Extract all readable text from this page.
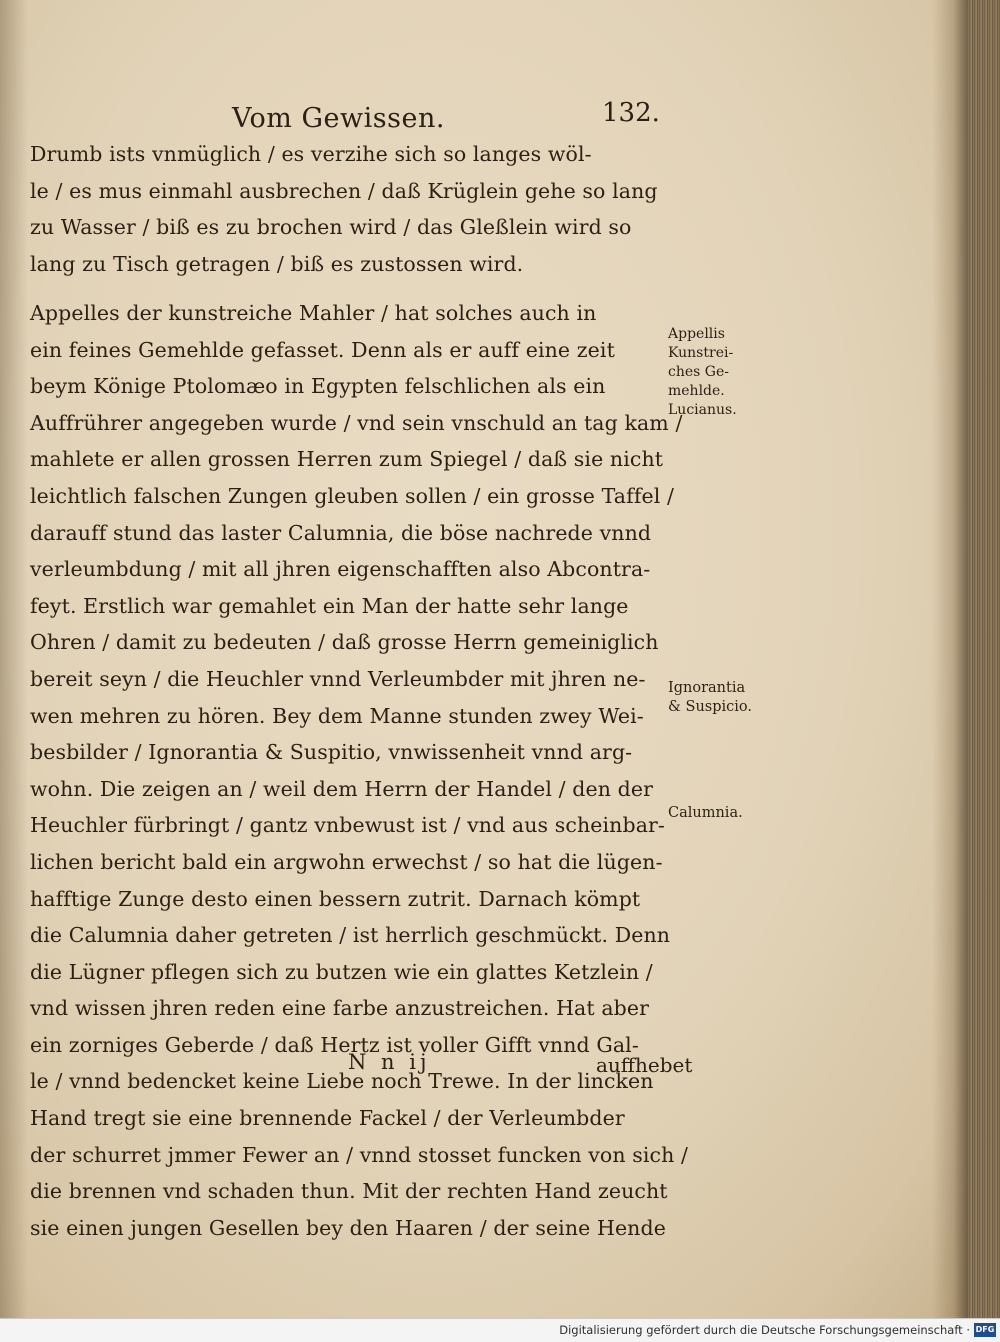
Vom Gewissen.	132.
Drumb ists vnmüglich / es verzihe sich so langes wöl-
le / es mus einmahl ausbrechen / daß Krüglein gehe so lang
zu Wasser / biß es zu brochen wird / das Gleßlein wird so
lang zu Tisch getragen / biß es zustossen wird.
Appelles der kunstreiche Mahler / hat solches auch in
ein feines Gemehlde gefasset. Denn als er auff eine zeit
beym Könige Ptolomæo in Egypten felschlichen als ein
Auffrührer angegeben wurde / vnd sein vnschuld an tag kam /
mahlete er allen grossen Herren zum Spiegel / daß sie nicht
leichtlich falschen Zungen gleuben sollen / ein grosse Taffel /
darauff stund das laster Calumnia, die böse nachrede vnnd
verleumbdung / mit all jhren eigenschafften also Abcontra-
feyt. Erstlich war gemahlet ein Man der hatte sehr lange
Ohren / damit zu bedeuten / daß grosse Herrn gemeiniglich
bereit seyn / die Heuchler vnnd Verleumbder mit jhren ne-
wen mehren zu hören. Bey dem Manne stunden zwey Wei-
besbilder / Ignorantia & Suspitio, vnwissenheit vnnd arg-
wohn. Die zeigen an / weil dem Herrn der Handel / den der
Heuchler fürbringt / gantz vnbewust ist / vnd aus scheinbar-
lichen bericht bald ein argwohn erwechst / so hat die lügen-
hafftige Zunge desto einen bessern zutrit. Darnach kömpt
die Calumnia daher getreten / ist herrlich geschmückt. Denn
die Lügner pflegen sich zu butzen wie ein glattes Ketzlein /
vnd wissen jhren reden eine farbe anzustreichen. Hat aber
ein zorniges Geberde / daß Hertz ist voller Gifft vnnd Gal-
le / vnnd bedencket keine Liebe noch Trewe. In der lincken
Hand tregt sie eine brennende Fackel / der Verleumbder
der schurret jmmer Fewer an / vnnd stosset funcken von sich /
die brennen vnd schaden thun. Mit der rechten Hand zeucht
sie einen jungen Gesellen bey den Haaren / der seine Hende
Appellis
Kunstrei-
ches Ge-
mehlde.
Lucianus.
Ignorantia
& Suspicio.
Calumnia.
N n ij	auffhebet
Digitalisierung gefördert durch die Deutsche Forschungsgemeinschaft · DFG
